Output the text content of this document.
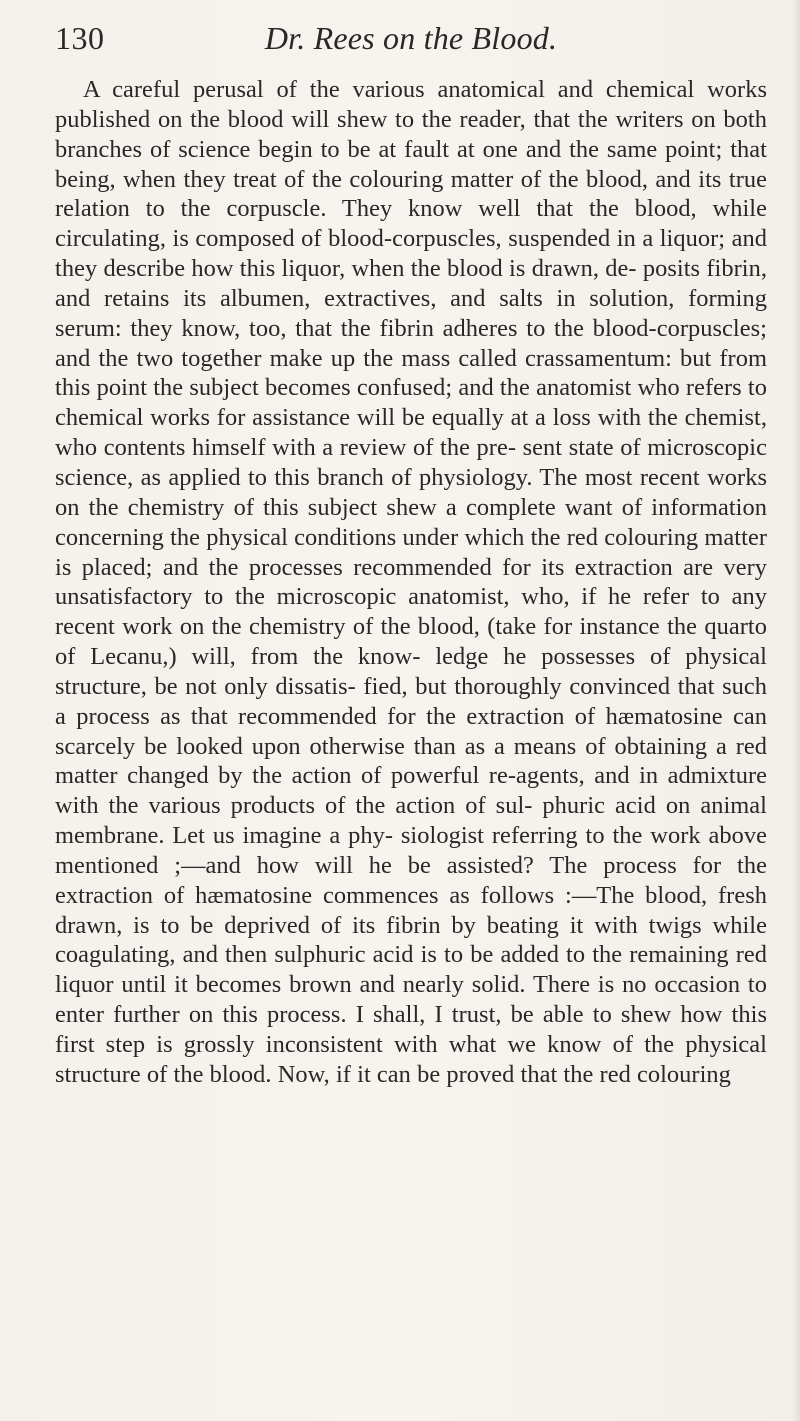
130	Dr. Rees on the Blood.

A careful perusal of the various anatomical and chemical works published on the blood will shew to the reader, that the writers on both branches of science begin to be at fault at one and the same point; that being, when they treat of the colouring matter of the blood, and its true relation to the corpuscle. They know well that the blood, while circulating, is composed of blood-corpuscles, suspended in a liquor; and they describe how this liquor, when the blood is drawn, de- posits fibrin, and retains its albumen, extractives, and salts in solution, forming serum: they know, too, that the fibrin adheres to the blood-corpuscles; and the two together make up the mass called crassamentum: but from this point the subject becomes confused; and the anatomist who refers to chemical works for assistance will be equally at a loss with the chemist, who contents himself with a review of the pre- sent state of microscopic science, as applied to this branch of physiology. The most recent works on the chemistry of this subject shew a complete want of information concerning the physical conditions under which the red colouring matter is placed; and the processes recommended for its extraction are very unsatisfactory to the microscopic anatomist, who, if he refer to any recent work on the chemistry of the blood, (take for instance the quarto of Lecanu,) will, from the know- ledge he possesses of physical structure, be not only dissatis- fied, but thoroughly convinced that such a process as that recommended for the extraction of hæmatosine can scarcely be looked upon otherwise than as a means of obtaining a red matter changed by the action of powerful re-agents, and in admixture with the various products of the action of sul- phuric acid on animal membrane. Let us imagine a phy- siologist referring to the work above mentioned ;—and how will he be assisted? The process for the extraction of hæmatosine commences as follows :—The blood, fresh drawn, is to be deprived of its fibrin by beating it with twigs while coagulating, and then sulphuric acid is to be added to the remaining red liquor until it becomes brown and nearly solid. There is no occasion to enter further on this process. I shall, I trust, be able to shew how this first step is grossly inconsistent with what we know of the physical structure of the blood. Now, if it can be proved that the red colouring
